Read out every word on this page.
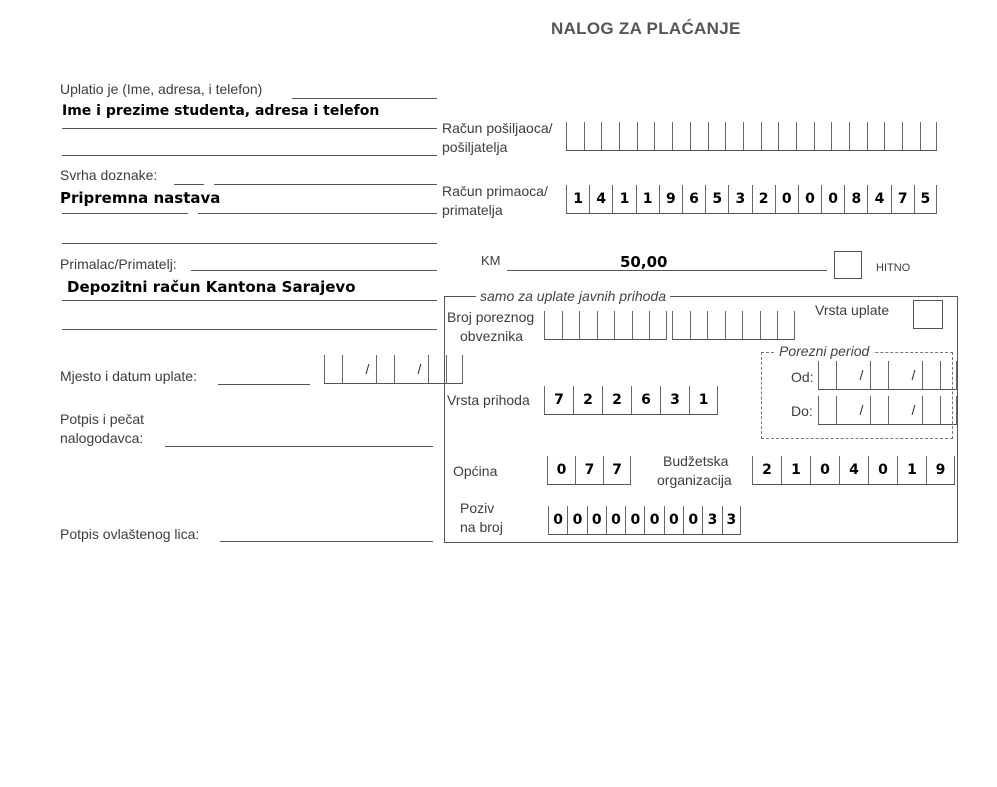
NALOG ZA PLAĆANJE
Uplatio je (Ime, adresa, i telefon)
Ime i prezime studenta, adresa i telefon
Svrha doznake:
Pripremna nastava
Primalac/Primatelj:
Depozitni račun Kantona Sarajevo
Mjesto i datum uplate:	/	/
Potpis i pečat
nalogodavca:
Potpis ovlaštenog lica:
Račun pošiljaoca/
pošiljatelja
Račun primaoca/
primatelja
1 4 1 1 9 6 5 3 2 0 0 0 8 4 7 5
KM	50,00	HITNO
samo za uplate javnih prihoda
Broj poreznog
obveznika
Vrsta uplate
Porezni period
Od:	/	/
Do:	/	/
Vrsta prihoda	7	2	2	6	3	1
Općina	0	7	7
Budžetska
organizacija
2	1	0	4	0	1	9
Poziv
na broj	0 0 0 0 0 0 0 0 3 3
